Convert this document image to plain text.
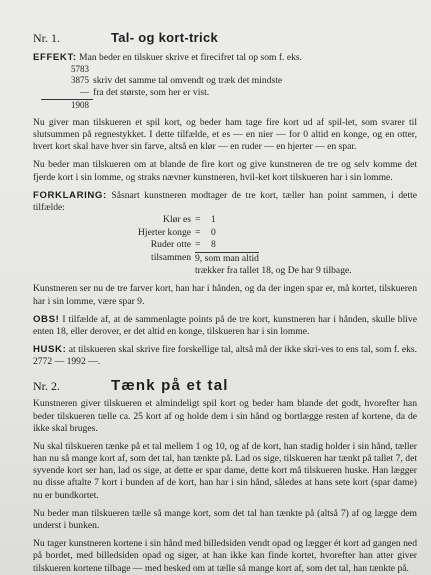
Nr. 1.	Tal- og kort-trick

EFFEKT: Man beder en tilskuer skrive et firecifret tal op som f. eks.

5783
3875 skriv det samme tal omvendt og træk det mindste
— fra det største, som her er vist.
1908

Nu giver man tilskueren et spil kort, og beder ham tage fire kort ud af spil-let, som svarer til slutsummen på regnestykket. I dette tilfælde, et es — en nier — for 0 altid en konge, og en otter, hvert kort skal have hver sin farve, altså en klør — en ruder — en hjerter — en spar.

Nu beder man tilskueren om at blande de fire kort og give kunstneren de tre og selv komme det fjerde kort i sin lomme, og straks nævner kunstneren, hvil-ket kort tilskueren har i sin lomme.

FORKLARING: Såsnart kunstneren modtager de tre kort, tæller han point sammen, i dette tilfælde:

Klør es =	1
Hjerter konge =	0
Ruder otte =	8
tilsammen 9, som man altid
trækker fra tallet 18, og De har 9 tilbage.

Kunstneren ser nu de tre farver kort, han har i hånden, og da der ingen spar er, må kortet, tilskueren har i sin lomme, være spar 9.

OBS! I tilfælde af, at de sammenlagte points på de tre kort, kunstneren har i hånden, skulle blive enten 18, eller derover, er det altid en konge, tilskueren har i sin lomme.

HUSK: at tilskueren skal skrive fire forskellige tal, altså må der ikke skri-ves to ens tal, som f. eks. 2772 — 1992 —.

Nr. 2.	Tænk på et tal

Kunstneren giver tilskueren et almindeligt spil kort og beder ham blande det godt, hvorefter han beder tilskueren tælle ca. 25 kort af og holde dem i sin hånd og bortlægge resten af kortene, da de ikke skal bruges.

Nu skal tilskueren tænke på et tal mellem 1 og 10, og af de kort, han stadig holder i sin hånd, tæller han nu så mange kort af, som det tal, han tænkte på. Lad os sige, tilskueren har tænkt på tallet 7, det syvende kort ser han, lad os sige, at dette er spar dame, dette kort må tilskueren huske. Han lægger nu disse aftalte 7 kort i bunden af de kort, han har i sin hånd, således at hans sete kort (spar dame) nu er bundkortet.

Nu beder man tilskueren tælle så mange kort, som det tal han tænkte på (altså 7) af og lægge dem underst i bunken.

Nu tager kunstneren kortene i sin hånd med billedsiden vendt opad og lægger ét kort ad gangen ned på bordet, med billedsiden opad og siger, at han ikke kan finde kortet, hvorefter han atter giver tilskueren kortene tilbage — med besked om at tælle så mange kort af, som det tal, han tænkte på.
